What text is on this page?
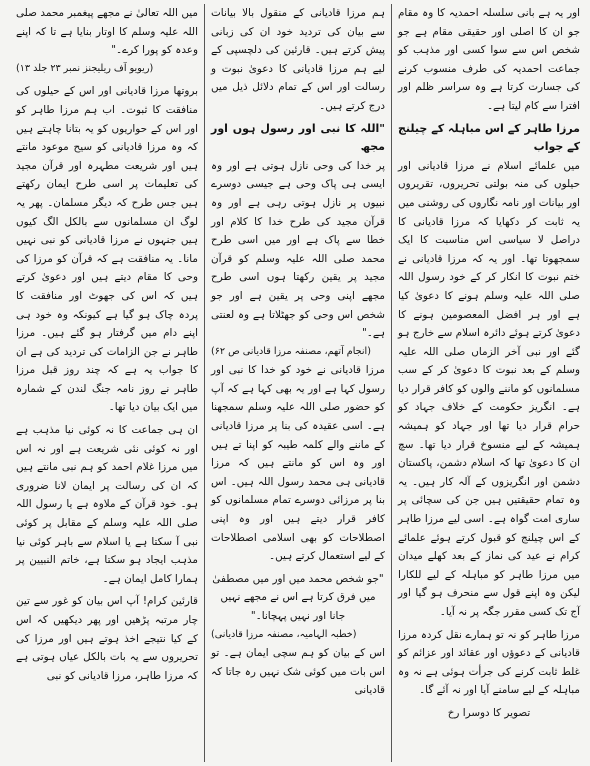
اور یہ ہے بانی سلسلہ احمدیہ کا وہ مقام جو ان کا اصلی اور حقیقی مقام ہے جو شخص اس سے سوا کسی اور مذہب کو جماعت احمدیہ کی طرف منسوب کرنے کی جسارت کرتا ہے وہ سراسر ظلم اور افترا سے کام لیتا ہے۔

مرزا طاہر کے اس مباہلہ کے چیلنج کے جواب

میں علمائے اسلام نے مرزا قادیانی اور حیلوں کی منہ بولتی تحریروں، تقریروں اور بیانات اور نامہ نگاروں کی روشنی میں یہ ثابت کر دکھایا کہ مرزا قادیانی کا دراصل لا سیاسی اس مناسبت کا ایک سمجھوتا تھا۔ اور یہ کہ مرزا قادیانی نے ختم نبوت کا انکار کر کے خود رسول اللہ صلی اللہ علیہ وسلم ہونے کا دعویٰ کیا ہے اور ہر افضل المعصومین ہونے کا دعویٰ کرتے ہوئے دائرہ اسلام سے خارج ہو گئے اور نبی آخر الزماں صلی اللہ علیہ وسلم کے بعد نبوت کا دعویٰ کر کے سب مسلمانوں کو ماننے والوں کو کافر قرار دیا ہے۔ انگریز حکومت کے خلاف جہاد کو حرام قرار دیا تھا اور جہاد کو ہمیشہ ہمیشہ کے لیے منسوخ قرار دیا تھا۔ سچ ان کا دعویٰ تھا کہ اسلام دشمن، پاکستان دشمن اور انگریزوں کے آلہ کار ہیں۔ یہ وہ تمام حقیقتیں ہیں جن کی سچائی پر ساری امت گواہ ہے۔ اسی لیے مرزا طاہر کے اس چیلنج کو قبول کرتے ہوئے علمائے کرام نے عید کی نماز کے بعد کھلے میدان میں مرزا طاہر کو مباہلہ کے لیے للکارا لیکن وہ اپنے قول سے منحرف ہو گیا اور آج تک کسی مقرر جگہ پر نہ آیا۔

مرزا طاہر کو نہ تو ہمارے نقل کردہ مرزا قادیانی کے دعوؤں اور عقائد اور عزائم کو غلط ثابت کرنے کی جرأت ہوئی ہے نہ وہ مباہلہ کے لیے سامنے آیا اور نہ آئے گا۔

تصویر کا دوسرا رخ

ہم مرزا قادیانی کے منقول بالا بیانات سے بیان کی تردید خود ان کی زبانی پیش کرتے ہیں۔ قارئین کی دلچسپی کے لیے ہم مرزا قادیانی کا دعویٰ نبوت و رسالت اور اس کے تمام دلائل ذیل میں درج کرتے ہیں۔

"اللہ کا نبی اور رسول ہوں اور مجھ

پر خدا کی وحی نازل ہوتی ہے اور وہ ایسی ہی پاک وحی ہے جیسی دوسرے نبیوں پر نازل ہوتی رہی ہے اور وہ قرآن مجید کی طرح خدا کا کلام اور خطا سے پاک ہے اور میں اسی طرح محمد صلی اللہ علیہ وسلم کو قرآن مجید پر یقین رکھتا ہوں اسی طرح مجھے اپنی وحی پر یقین ہے اور جو شخص اس وحی کو جھٹلاتا ہے وہ لعنتی ہے۔"

(انجام آتھم، مصنفہ مرزا قادیانی ص ۶۲)

مرزا قادیانی نے خود کو خدا کا نبی اور رسول کہا ہے اور یہ بھی کہا ہے کہ آپ کو حضور صلی اللہ علیہ وسلم سمجھنا ہے۔ اسی عقیدہ کی بنا پر مرزا قادیانی کے ماننے والے کلمہ طیبہ کو اپنا تے ہیں اور وہ اس کو مانتے ہیں کہ مرزا قادیانی ہی محمد رسول اللہ ہیں۔ اس بنا پر مرزائی دوسرے تمام مسلمانوں کو کافر قرار دیتے ہیں اور وہ اپنی اصطلاحات کو بھی اسلامی اصطلاحات کے لیے استعمال کرتے ہیں۔

"جو شخص محمد میں اور میں مصطفیٰ میں فرق کرتا ہے اس نے مجھے نہیں جانا اور نہیں پہچانا۔"

(خطبہ الہامیہ، مصنفہ مرزا قادیانی)

اس کے بیان کو ہم سچی ایمان ہے۔ تو اس بات میں کوئی شک نہیں رہ جاتا کہ قادیانی

میں اللہ تعالیٰ نے مجھے پیغمبر محمد صلی اللہ علیہ وسلم کا اوتار بنایا ہے تا کہ اپنے وعدہ کو پورا کرے۔"

(ریویو آف ریلیجنز نمبر ۲۳ جلد ۱۳)

بروتھا مرزا قادیانی اور اس کے حیلوں کی منافقت کا ثبوت۔ اب ہم مرزا طاہر کو اور اس کے حواریوں کو یہ بتانا چاہتے ہیں کہ وہ مرزا قادیانی کو سیح موعود مانتے ہیں اور شریعت مطہرہ اور قرآن مجید کی تعلیمات پر اسی طرح ایمان رکھتے ہیں جس طرح کہ دیگر مسلمان۔ پھر یہ لوگ ان مسلمانوں سے بالکل الگ کیوں ہیں جنہوں نے مرزا قادیانی کو نبی نہیں مانا۔ یہ منافقت ہے کہ قرآن کو مرزا کی وحی کا مقام دیتے ہیں اور دعویٰ کرتے ہیں کہ اس کی جھوٹ اور منافقت کا پردہ چاک ہو گیا ہے کیونکہ وہ خود ہی اپنے دام میں گرفتار ہو گئے ہیں۔ مرزا طاہر نے جن الزامات کی تردید کی ہے ان کا جواب یہ ہے کہ چند روز قبل مرزا طاہر نے روز نامہ جنگ لندن کے شمارہ میں ایک بیان دیا تھا۔

ان ہی جماعت کا نہ کوئی نیا مذہب ہے اور نہ کوئی نئی شریعت ہے اور نہ اس میں مرزا غلام احمد کو ہم نبی مانتے ہیں کہ ان کی رسالت پر ایمان لانا ضروری ہو۔ خود قرآن کے ملاوہ ہے یا رسول اللہ صلی اللہ علیہ وسلم کے مقابل پر کوئی نبی آ سکتا ہے یا اسلام سے باہر کوئی نیا مذہب ایجاد ہو سکتا ہے، خاتم النبیین پر ہمارا کامل ایمان ہے۔

قارئین کرام! آپ اس بیان کو غور سے تین چار مرتبہ پڑھیں اور پھر دیکھیں کہ اس کے کیا نتیجے اخذ ہوتے ہیں اور مرزا کی تحریروں سے یہ بات بالکل عیاں ہوتی ہے کہ مرزا طاہر، مرزا قادیانی کو نبی
